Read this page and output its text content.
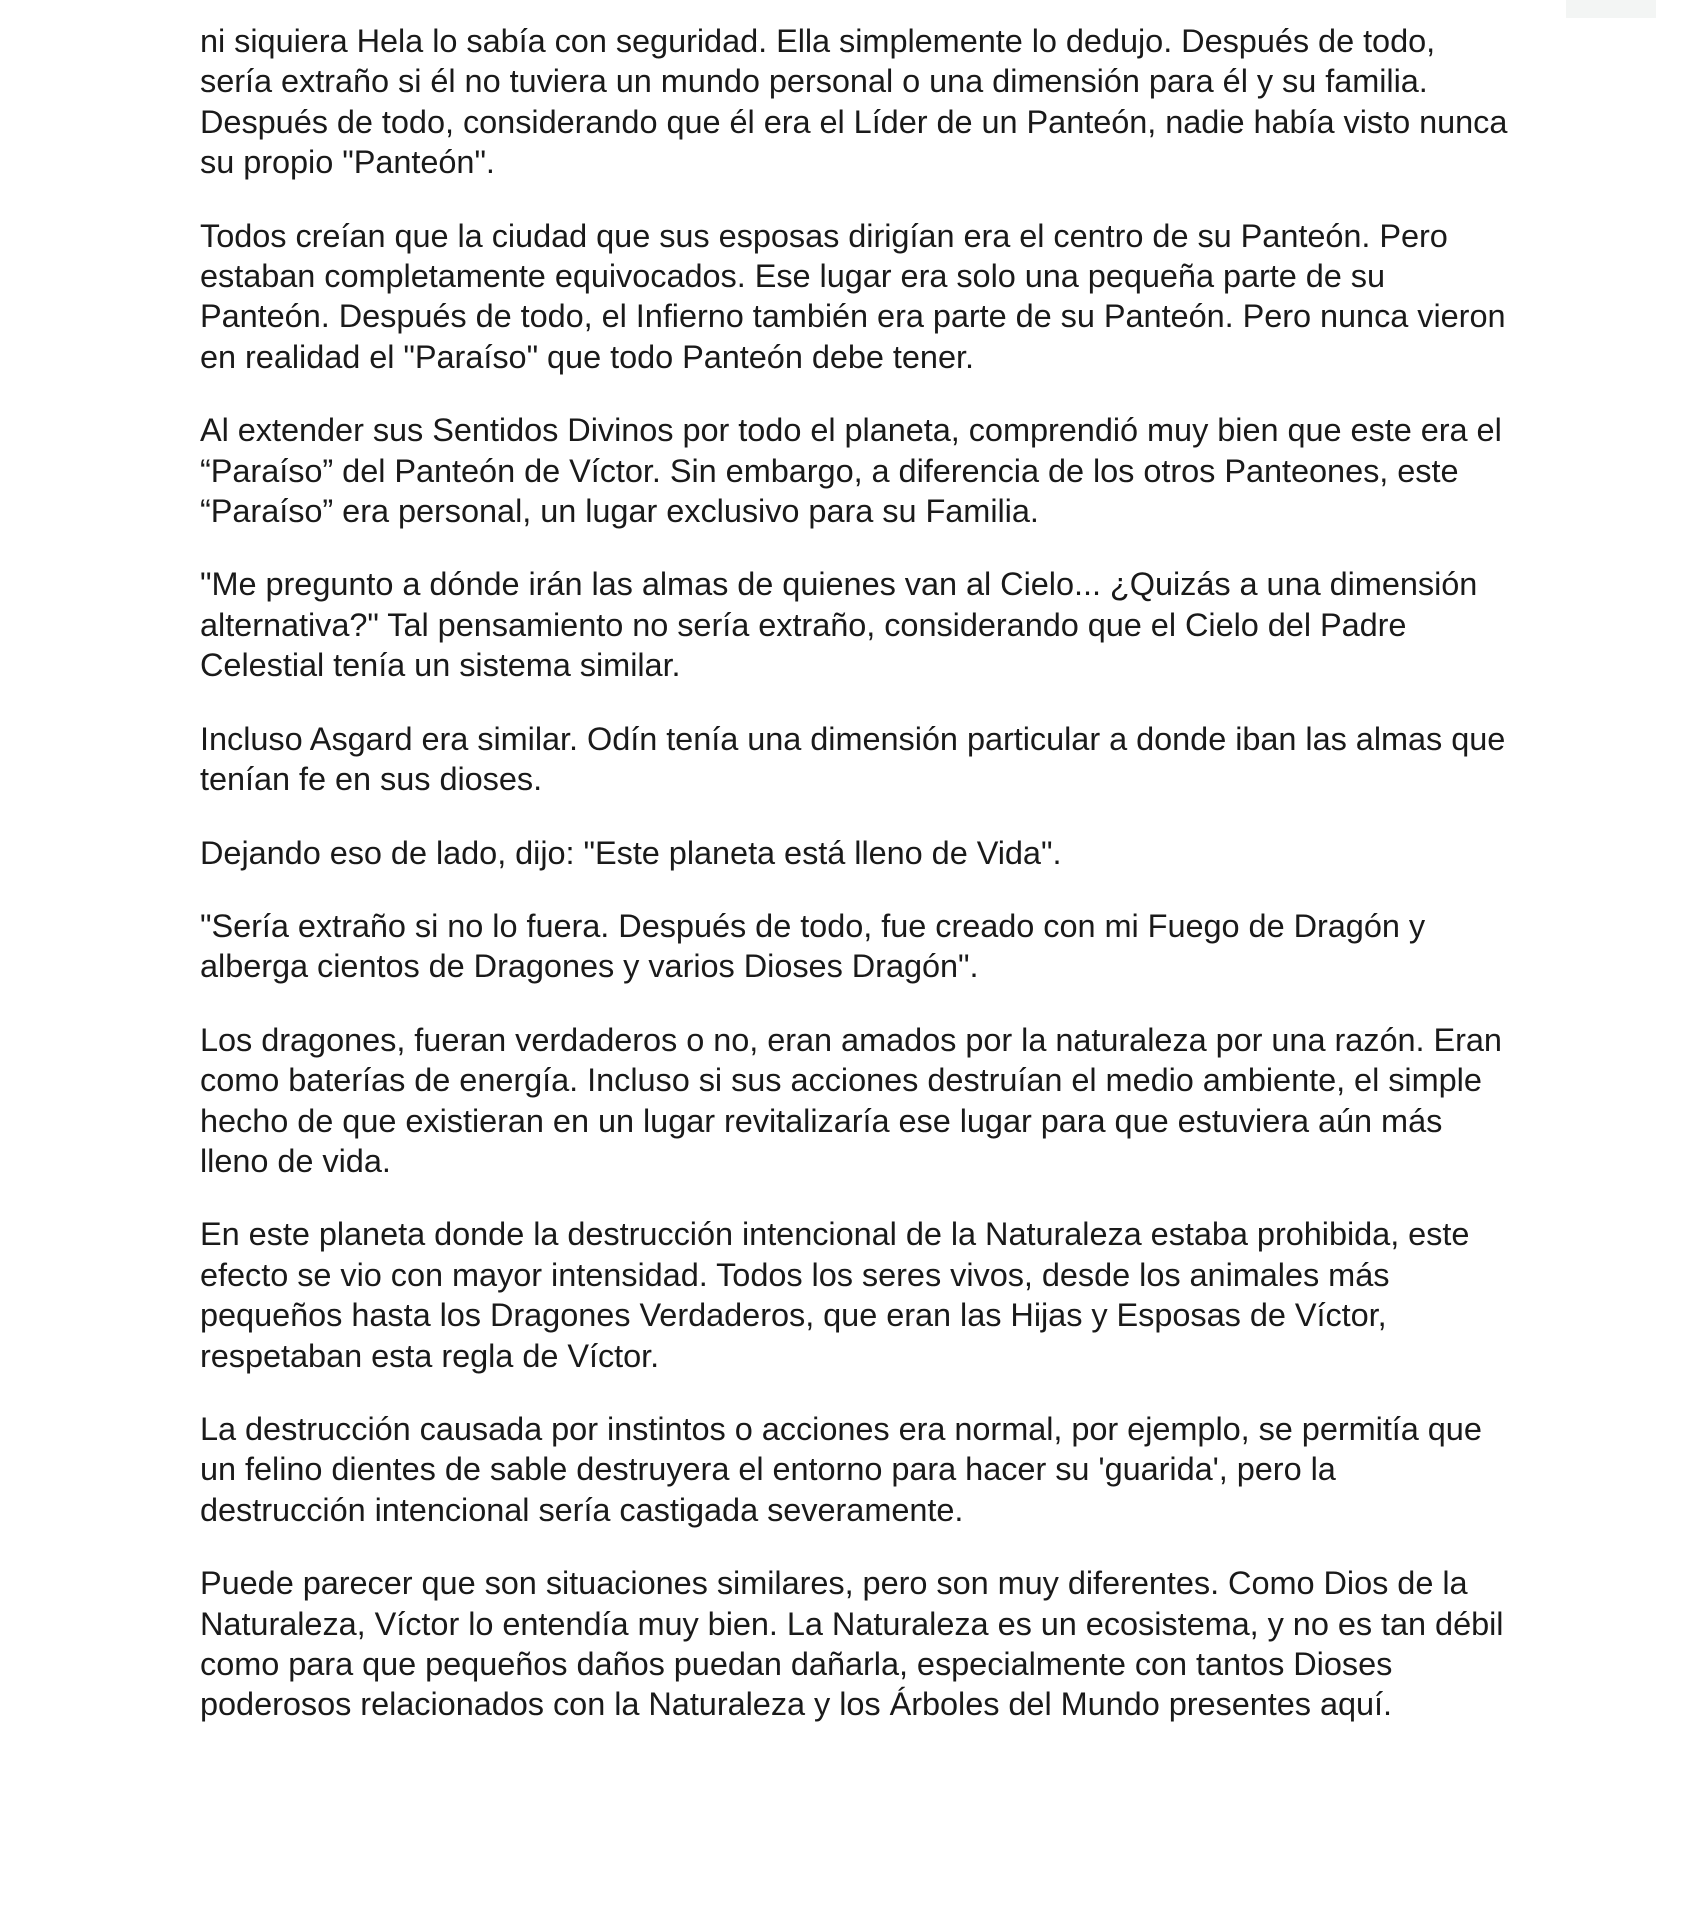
ni siquiera Hela lo sabía con seguridad. Ella simplemente lo dedujo. Después de todo, sería extraño si él no tuviera un mundo personal o una dimensión para él y su familia. Después de todo, considerando que él era el Líder de un Panteón, nadie había visto nunca su propio "Panteón".

Todos creían que la ciudad que sus esposas dirigían era el centro de su Panteón. Pero estaban completamente equivocados. Ese lugar era solo una pequeña parte de su Panteón. Después de todo, el Infierno también era parte de su Panteón. Pero nunca vieron en realidad el "Paraíso" que todo Panteón debe tener.

Al extender sus Sentidos Divinos por todo el planeta, comprendió muy bien que este era el “Paraíso” del Panteón de Víctor. Sin embargo, a diferencia de los otros Panteones, este “Paraíso” era personal, un lugar exclusivo para su Familia.

"Me pregunto a dónde irán las almas de quienes van al Cielo... ¿Quizás a una dimensión alternativa?" Tal pensamiento no sería extraño, considerando que el Cielo del Padre Celestial tenía un sistema similar.

Incluso Asgard era similar. Odín tenía una dimensión particular a donde iban las almas que tenían fe en sus dioses.

Dejando eso de lado, dijo: "Este planeta está lleno de Vida".

"Sería extraño si no lo fuera. Después de todo, fue creado con mi Fuego de Dragón y alberga cientos de Dragones y varios Dioses Dragón".

Los dragones, fueran verdaderos o no, eran amados por la naturaleza por una razón. Eran como baterías de energía. Incluso si sus acciones destruían el medio ambiente, el simple hecho de que existieran en un lugar revitalizaría ese lugar para que estuviera aún más lleno de vida.

En este planeta donde la destrucción intencional de la Naturaleza estaba prohibida, este efecto se vio con mayor intensidad. Todos los seres vivos, desde los animales más pequeños hasta los Dragones Verdaderos, que eran las Hijas y Esposas de Víctor, respetaban esta regla de Víctor.

La destrucción causada por instintos o acciones era normal, por ejemplo, se permitía que un felino dientes de sable destruyera el entorno para hacer su 'guarida', pero la destrucción intencional sería castigada severamente.

Puede parecer que son situaciones similares, pero son muy diferentes. Como Dios de la Naturaleza, Víctor lo entendía muy bien. La Naturaleza es un ecosistema, y no es tan débil como para que pequeños daños puedan dañarla, especialmente con tantos Dioses poderosos relacionados con la Naturaleza y los Árboles del Mundo presentes aquí.
